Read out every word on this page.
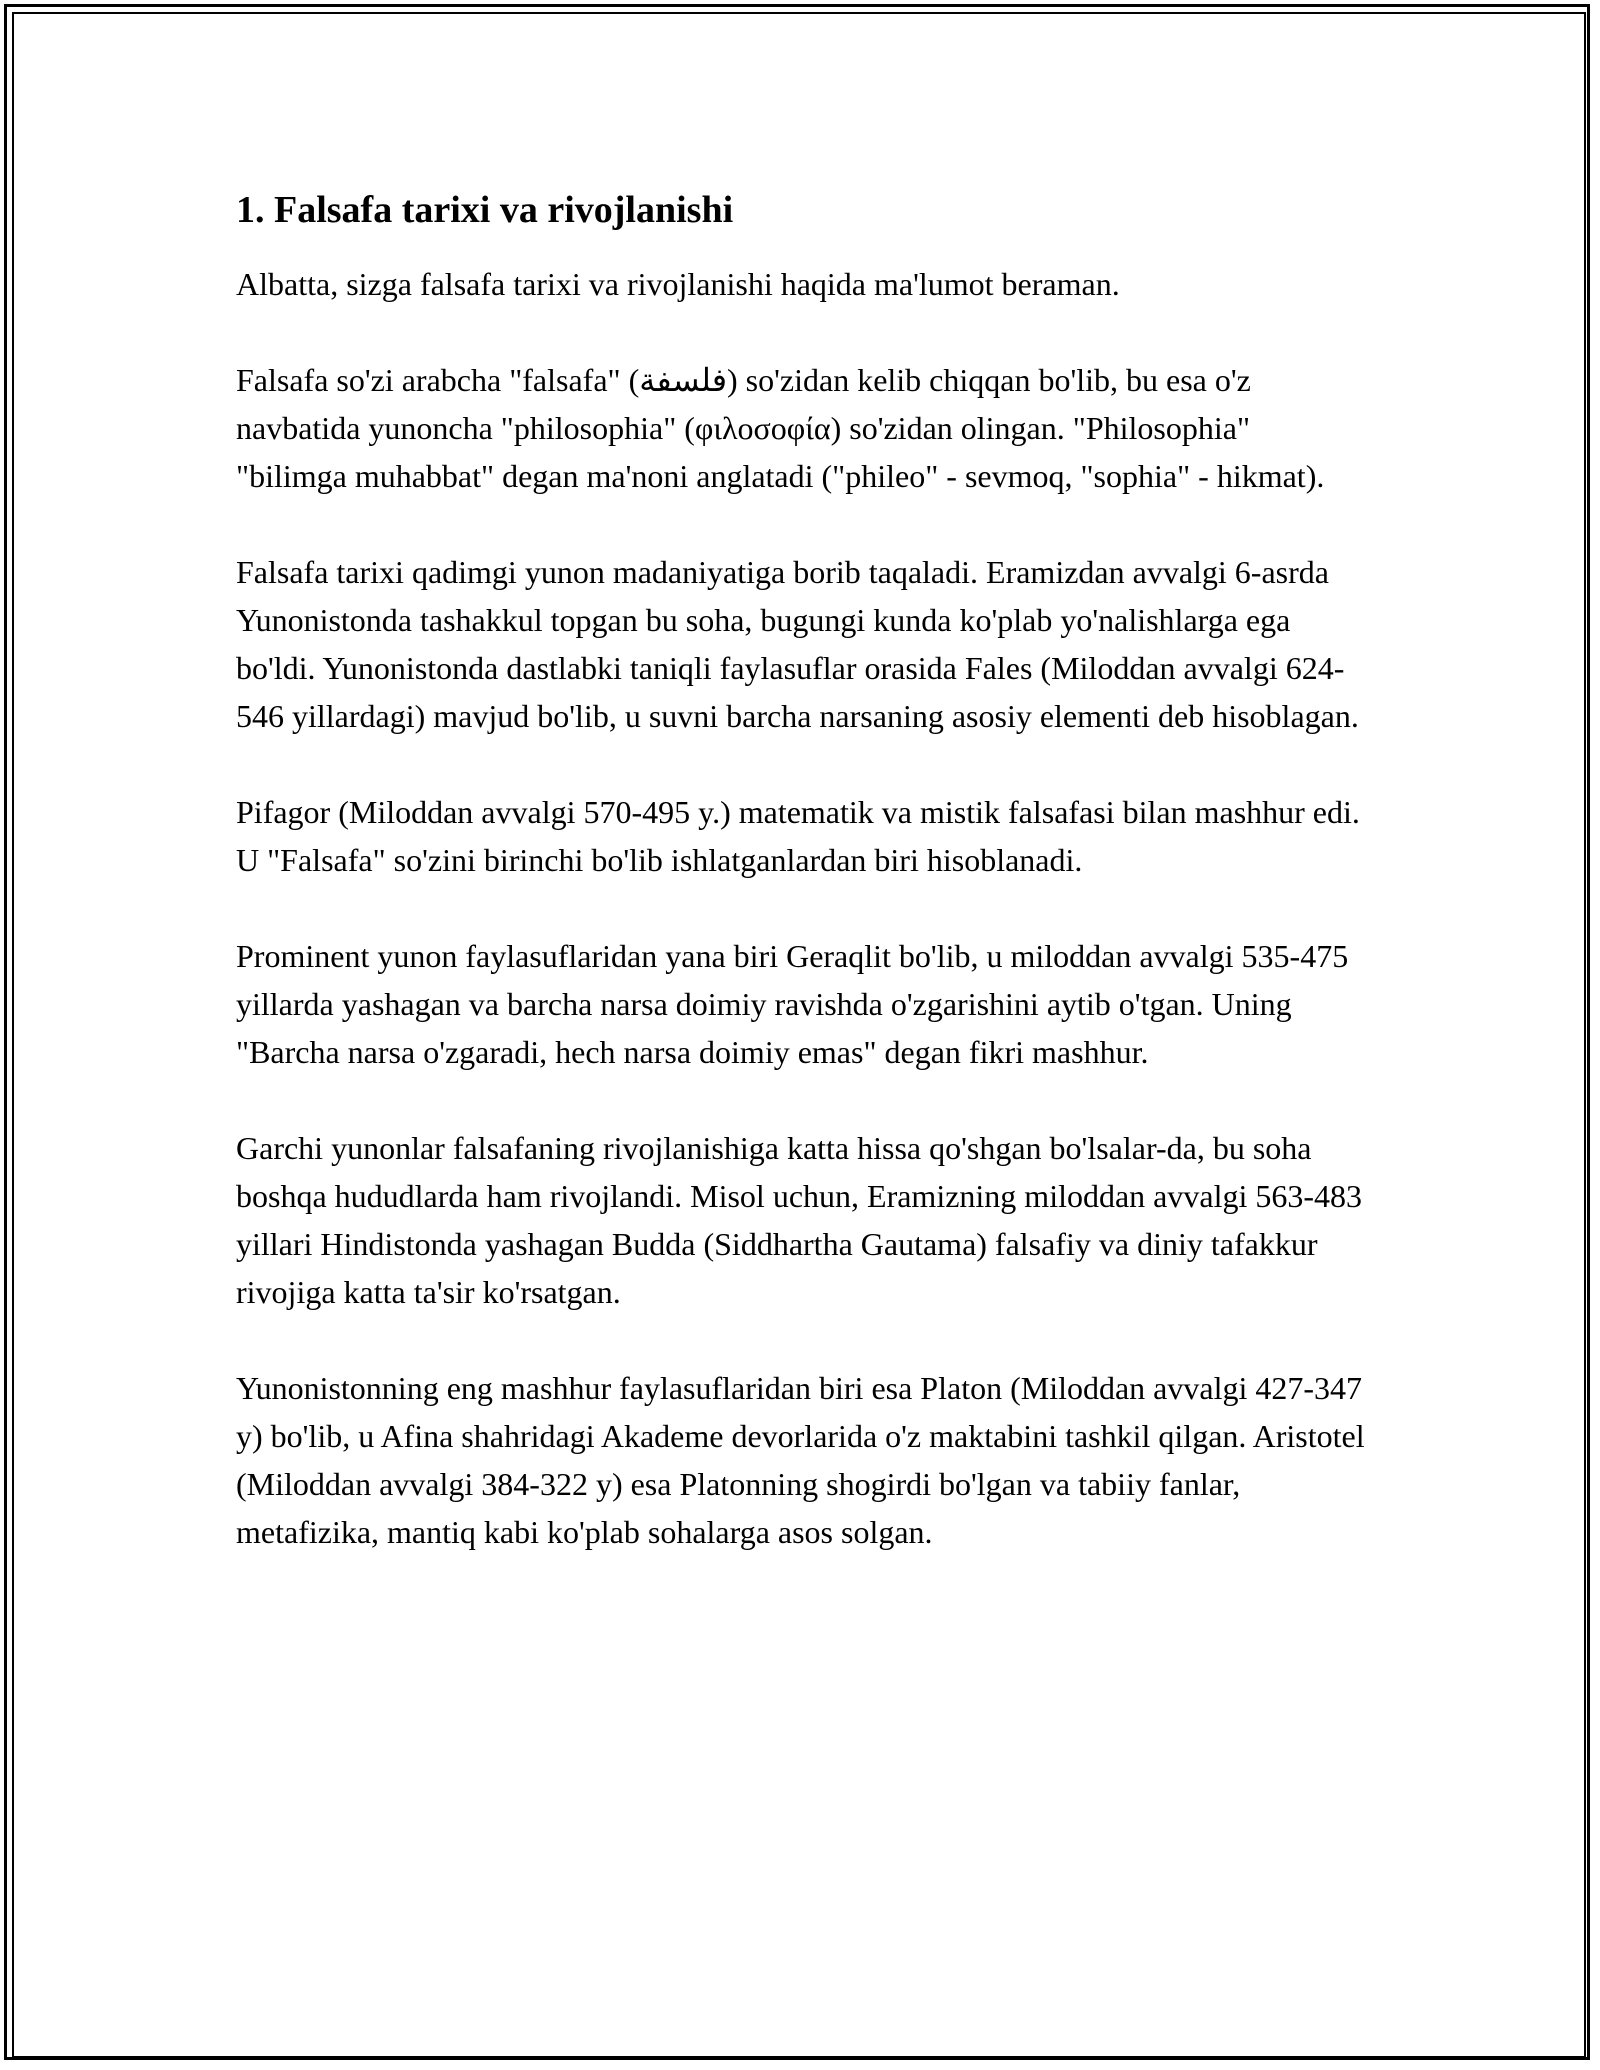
1. Falsafa tarixi va rivojlanishi

Albatta, sizga falsafa tarixi va rivojlanishi haqida ma'lumot beraman.

Falsafa so'zi arabcha "falsafa" (فلسفة) so'zidan kelib chiqqan bo'lib, bu esa o'z navbatida yunoncha "philosophia" (φιλοσοφία) so'zidan olingan. "Philosophia" "bilimga muhabbat" degan ma'noni anglatadi ("phileo" - sevmoq, "sophia" - hikmat).

Falsafa tarixi qadimgi yunon madaniyatiga borib taqaladi. Eramizdan avvalgi 6-asrda Yunonistonda tashakkul topgan bu soha, bugungi kunda ko'plab yo'nalishlarga ega bo'ldi. Yunonistonda dastlabki taniqli faylasuflar orasida Fales (Miloddan avvalgi 624-546 yillardagi) mavjud bo'lib, u suvni barcha narsaning asosiy elementi deb hisoblagan.

Pifagor (Miloddan avvalgi 570-495 y.) matematik va mistik falsafasi bilan mashhur edi. U "Falsafa" so'zini birinchi bo'lib ishlatganlardan biri hisoblanadi.

Prominent yunon faylasuflaridan yana biri Geraqlit bo'lib, u miloddan avvalgi 535-475 yillarda yashagan va barcha narsa doimiy ravishda o'zgarishini aytib o'tgan. Uning "Barcha narsa o'zgaradi, hech narsa doimiy emas" degan fikri mashhur.

Garchi yunonlar falsafaning rivojlanishiga katta hissa qo'shgan bo'lsalar-da, bu soha boshqa hududlarda ham rivojlandi. Misol uchun, Eramizning miloddan avvalgi 563-483 yillari Hindistonda yashagan Budda (Siddhartha Gautama) falsafiy va diniy tafakkur rivojiga katta ta'sir ko'rsatgan.

Yunonistonning eng mashhur faylasuflaridan biri esa Platon (Miloddan avvalgi 427-347 y) bo'lib, u Afina shahridagi Akademe devorlarida o'z maktabini tashkil qilgan. Aristotel (Miloddan avvalgi 384-322 y) esa Platonning shogirdi bo'lgan va tabiiy fanlar, metafizika, mantiq kabi ko'plab sohalarga asos solgan.
